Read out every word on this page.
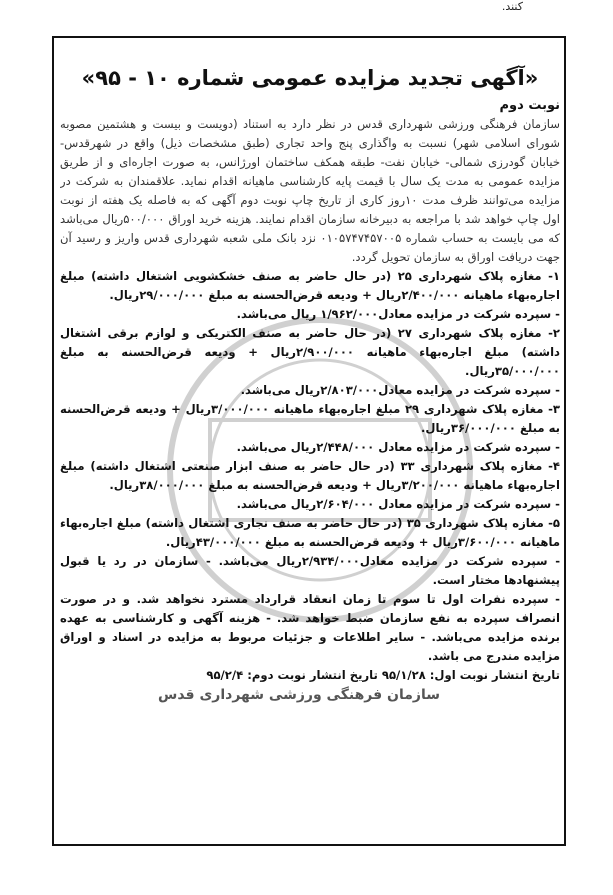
کنند.
«آگهی تجدید مزایده عمومی شماره ۱۰ - ۹۵»
نوبت دوم

سازمان فرهنگی ورزشی شهرداری قدس در نظر دارد به استناد (دویست و بیست و هشتمین مصوبه شورای اسلامی شهر) نسبت به واگذاری پنج واحد تجاری (طبق مشخصات ذیل) واقع در شهرقدس- خیابان گودرزی شمالی- خیابان نفت- طبقه همکف ساختمان اورژانس، به صورت اجاره‌ای و از طریق مزایده عمومی به مدت یک سال با قیمت پایه کارشناسی ماهیانه اقدام نماید. علاقمندان به شرکت در مزایده می‌توانند ظرف مدت ۱۰روز کاری از تاریخ چاپ نوبت دوم آگهی که به فاصله یک هفته از نوبت اول چاپ خواهد شد با مراجعه به دبیرخانه سازمان اقدام نمایند. هزینه خرید اوراق ۵۰۰/۰۰۰ریال می‌باشد که می بایست به حساب شماره ۰۱۰۵۷۴۷۴۵۷۰۰۵ نزد بانک ملی شعبه شهرداری قدس واریز و رسید آن جهت دریافت اوراق به سازمان تحویل گردد.

۱- مغازه پلاک شهرداری ۲۵ (در حال حاضر به صنف خشکشویی اشتغال داشته) مبلغ اجاره‌بهاء ماهیانه ۲/۴۰۰/۰۰۰ریال + ودیعه قرض‌الحسنه به مبلغ ۲۹/۰۰۰/۰۰۰ریال.

- سپرده شرکت در مزایده معادل۱/۹۶۲/۰۰۰ ریال می‌باشد.

۲- مغازه پلاک شهرداری ۲۷ (در حال حاضر به صنف الکتریکی و لوازم برقی اشتغال داشته) مبلغ اجاره‌بهاء ماهیانه ۲/۹۰۰/۰۰۰ریال + ودیعه قرض‌الحسنه به مبلغ ۳۵/۰۰۰/۰۰۰ریال.

- سپرده شرکت در مزایده معادل۲/۸۰۳/۰۰۰ریال می‌باشد.

۳- مغازه پلاک شهرداری ۲۹ مبلغ اجاره‌بهاء ماهیانه ۳/۰۰۰/۰۰۰ریال + ودیعه قرض‌الحسنه به مبلغ ۳۶/۰۰۰/۰۰۰ریال.

- سپرده شرکت در مزایده معادل ۲/۴۴۸/۰۰۰ریال می‌باشد.

۴- مغازه پلاک شهرداری ۳۳ (در حال حاضر به صنف ابزار صنعتی اشتغال داشته) مبلغ اجاره‌بهاء ماهیانه ۳/۲۰۰/۰۰۰ریال + ودیعه قرض‌الحسنه به مبلغ ۳۸/۰۰۰/۰۰۰ریال.

- سپرده شرکت در مزایده معادل ۲/۶۰۴/۰۰۰ریال می‌باشد.

۵- مغازه پلاک شهرداری ۳۵ (در حال حاضر به صنف نجاری اشتغال داشته) مبلغ اجاره‌بهاء ماهیانه ۳/۶۰۰/۰۰۰ریال + ودیعه قرض‌الحسنه به مبلغ ۴۳/۰۰۰/۰۰۰ریال.

- سپرده شرکت در مزایده معادل۲/۹۳۴/۰۰۰ریال می‌باشد. - سازمان در رد یا قبول پیشنهادها مختار است.

- سپرده نفرات اول تا سوم تا زمان انعقاد قرارداد مسترد نخواهد شد. و در صورت انصراف سپرده به نفع سازمان ضبط خواهد شد. - هزینه آگهی و کارشناسی به عهده برنده مزایده می‌باشد. - سایر اطلاعات و جزئیات مربوط به مزایده در اسناد و اوراق مزایده مندرج می باشد.

تاریخ انتشار نوبت اول: ۹۵/۱/۲۸ تاریخ انتشار نوبت دوم: ۹۵/۲/۴

سازمان فرهنگی ورزشی شهرداری قدس
